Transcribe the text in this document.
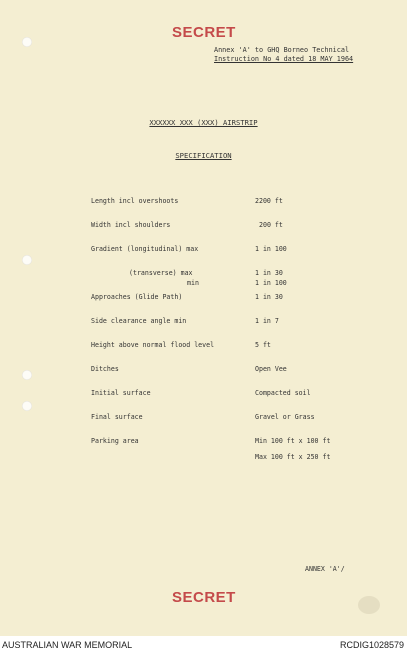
SECRET
Annex 'A' to GHQ Borneo Technical
Instruction No 4 dated 18 MAY 1964
XXXXXX XXX (XXX) AIRSTRIP
SPECIFICATION
Length incl overshoots	2200 ft
Width incl shoulders	200 ft
Gradient (longitudinal) max	1 in 100
(transverse) max	1 in 30
min	1 in 100
Approaches (Glide Path)	1 in 30
Side clearance angle min	1 in 7
Height above normal flood level	5 ft
Ditches	Open Vee
Initial surface	Compacted soil
Final surface	Gravel or Grass
Parking area	Min 100 ft x 100 ft
Max 100 ft x 250 ft
ANNEX 'A'/
SECRET
AUSTRALIAN WAR MEMORIAL	RCDIG1028579
